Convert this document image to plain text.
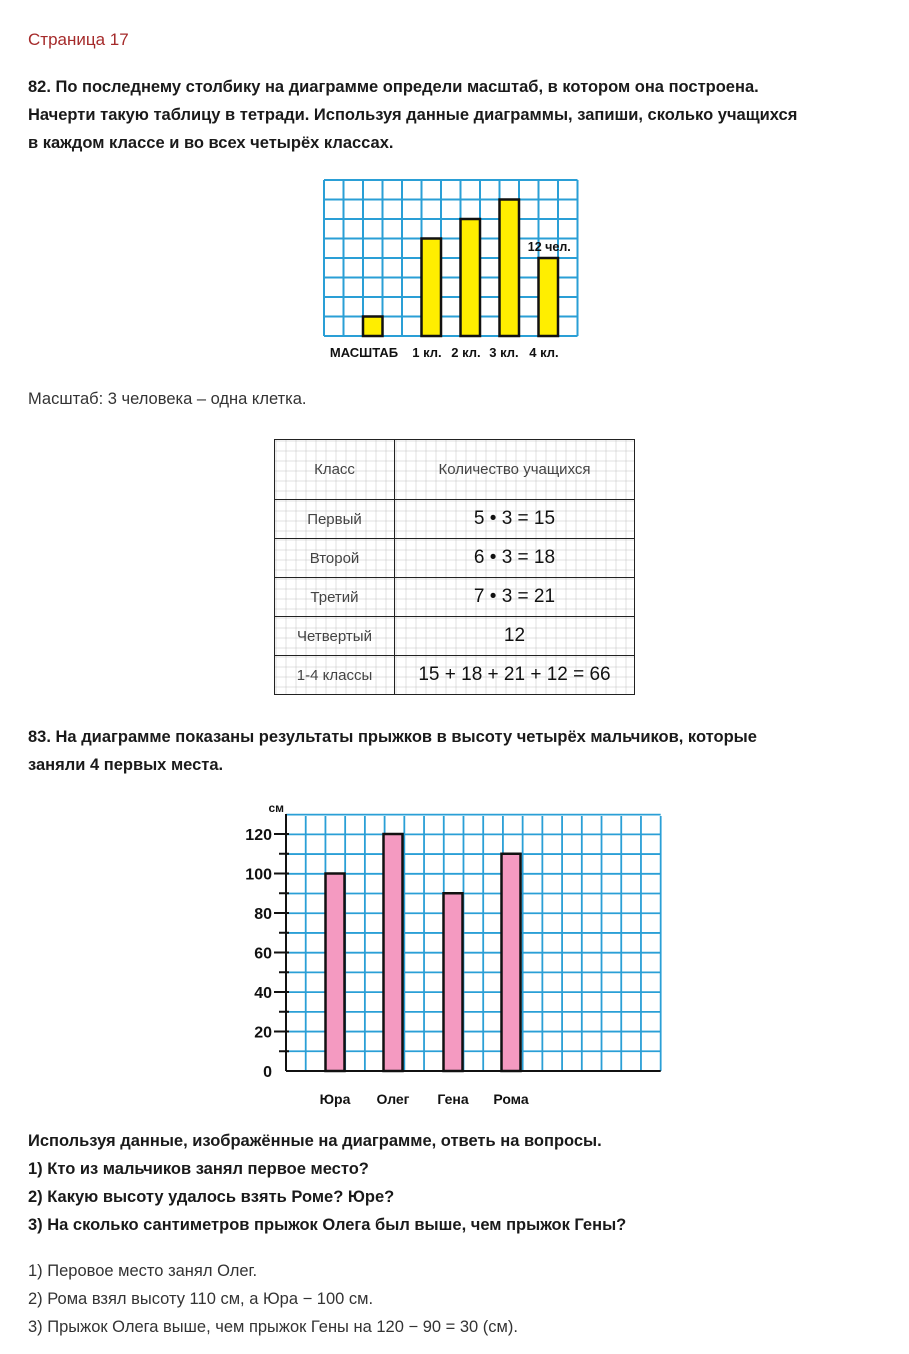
Страница 17

82. По последнему столбику на диаграмме определи масштаб, в котором она построена.

Начерти такую таблицу в тетради. Используя данные диаграммы, запиши, сколько учащихся

в каждом классе и во всех четырёх классах.

МАСШТАБ 1 кл. 2 кл. 3 кл. 4 кл.
12 чел.
Масштаб: 3 человека – одна клетка.
Класс	Количество учащихся
Первый	5 • 3 = 15
Второй	6 • 3 = 18
Третий	7 • 3 = 21
Четвертый	12
1-4 классы	15 + 18 + 21 + 12 = 66

83. На диаграмме показаны результаты прыжков в высоту четырёх мальчиков, которые

заняли 4 первых места.

0
20
40
60
80
100
120
см
Юра Олег Гена Рома

Используя данные, изображённые на диаграмме, ответь на вопросы.

1) Кто из мальчиков занял первое место?

2) Какую высоту удалось взять Роме? Юре?

3) На сколько сантиметров прыжок Олега был выше, чем прыжок Гены?

1) Перовое место занял Олег.

2) Рома взял высоту 110 см, а Юра − 100 см.

3) Прыжок Олега выше, чем прыжок Гены на 120 − 90 = 30 (см).
